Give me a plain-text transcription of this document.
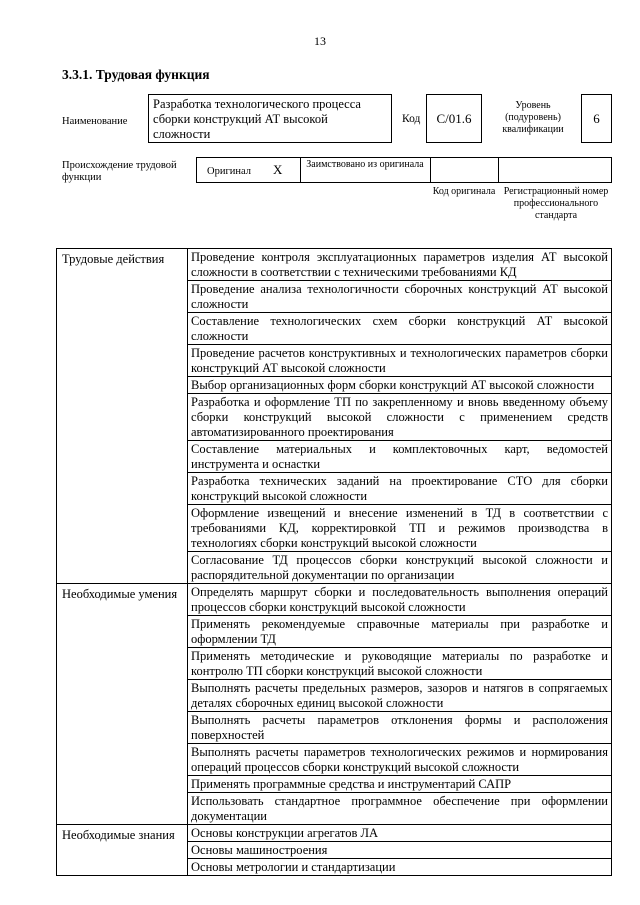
13
3.3.1. Трудовая функция
Наименование
Разработка технологического процесса сборки конструкций АТ высокой сложности
Код	С/01.6
Уровень (подуровень) квалификации
6
Происхождение трудовой функции
Оригинал X	Заимствовано из оригинала
Код оригинала Регистрационный номер профессионального стандарта
Трудовые действия	Проведение контроля эксплуатационных параметров изделия АТ высокой сложности в соответствии с техническими требованиями КД
	Проведение анализа технологичности сборочных конструкций АТ высокой сложности
	Составление технологических схем сборки конструкций АТ высокой сложности
	Проведение расчетов конструктивных и технологических параметров сборки конструкций АТ высокой сложности
	Выбор организационных форм сборки конструкций АТ высокой сложности
	Разработка и оформление ТП по закрепленному и вновь введенному объему сборки конструкций высокой сложности с применением средств автоматизированного проектирования
	Составление материальных и комплектовочных карт, ведомостей инструмента и оснастки
	Разработка технических заданий на проектирование СТО для сборки конструкций высокой сложности
	Оформление извещений и внесение изменений в ТД в соответствии с требованиями КД, корректировкой ТП и режимов производства в технологиях сборки конструкций высокой сложности
	Согласование ТД процессов сборки конструкций высокой сложности и распорядительной документации по организации
Необходимые умения	Определять маршрут сборки и последовательность выполнения операций процессов сборки конструкций высокой сложности
	Применять рекомендуемые справочные материалы при разработке и оформлении ТД
	Применять методические и руководящие материалы по разработке и контролю ТП сборки конструкций высокой сложности
	Выполнять расчеты предельных размеров, зазоров и натягов в сопрягаемых деталях сборочных единиц высокой сложности
	Выполнять расчеты параметров отклонения формы и расположения поверхностей
	Выполнять расчеты параметров технологических режимов и нормирования операций процессов сборки конструкций высокой сложности
	Применять программные средства и инструментарий САПР
	Использовать стандартное программное обеспечение при оформлении документации
Необходимые знания	Основы конструкции агрегатов ЛА
	Основы машиностроения
	Основы метрологии и стандартизации
